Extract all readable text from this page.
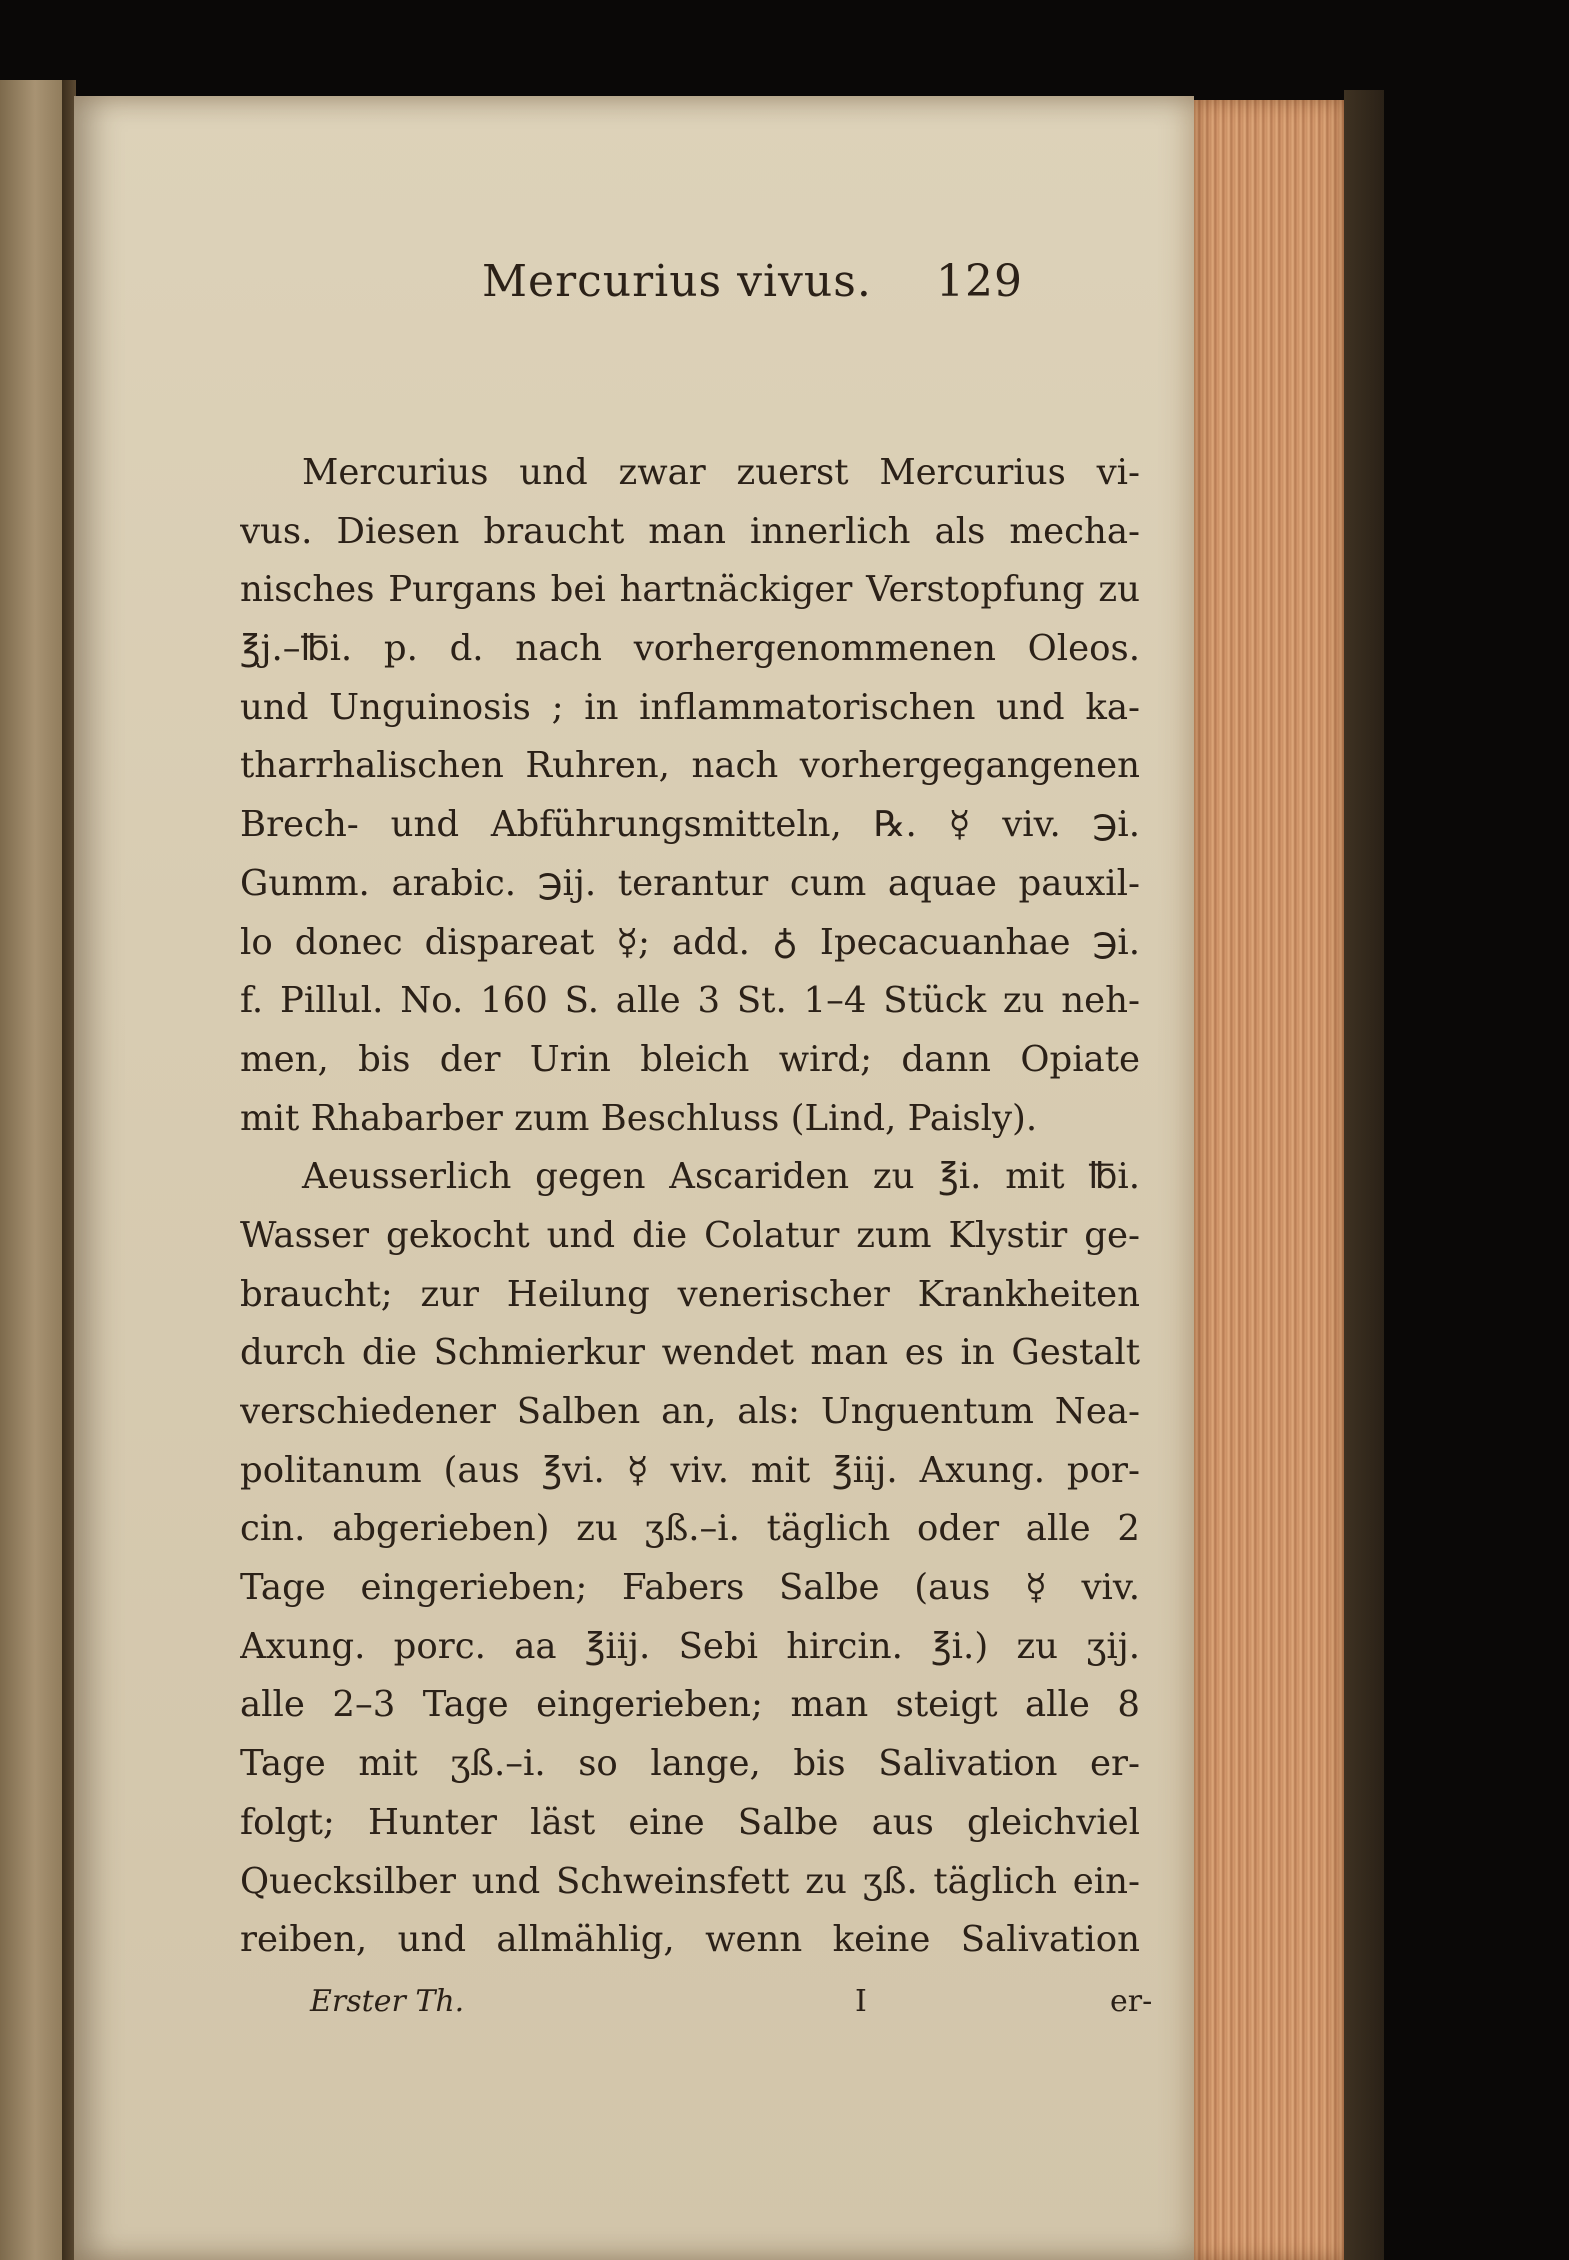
Mercurius vivus. 129
Mercurius und zwar zuerst Mercurius vi-
vus. Diesen braucht man innerlich als mecha-
nisches Purgans bei hartnäckiger Verstopfung zu
℥j.–℔i. p. d. nach vorhergenommenen Oleos.
und Unguinosis ; in inflammatorischen und ka-
tharrhalischen Ruhren, nach vorhergegangenen
Brech- und Abführungsmitteln, ℞. ☿ viv. ℈i.
Gumm. arabic. ℈ij. terantur cum aquae pauxil-
lo donec dispareat ☿; add. ♁ Ipecacuanhae ℈i.
f. Pillul. No. 160 S. alle 3 St. 1–4 Stück zu neh-
men, bis der Urin bleich wird; dann Opiate
mit Rhabarber zum Beschluss (Lind, Paisly).
Aeusserlich gegen Ascariden zu ℥i. mit ℔i.
Wasser gekocht und die Colatur zum Klystir ge-
braucht; zur Heilung venerischer Krankheiten
durch die Schmierkur wendet man es in Gestalt
verschiedener Salben an, als: Unguentum Nea-
politanum (aus ℥vi. ☿ viv. mit ℥iij. Axung. por-
cin. abgerieben) zu ʒß.–i. täglich oder alle 2
Tage eingerieben; Fabers Salbe (aus ☿ viv.
Axung. porc. aa ℥iij. Sebi hircin. ℥i.) zu ʒij.
alle 2–3 Tage eingerieben; man steigt alle 8
Tage mit ʒß.–i. so lange, bis Salivation er-
folgt; Hunter läst eine Salbe aus gleichviel
Quecksilber und Schweinsfett zu ʒß. täglich ein-
reiben, und allmählig, wenn keine Salivation
Erster Th.	I	er-
